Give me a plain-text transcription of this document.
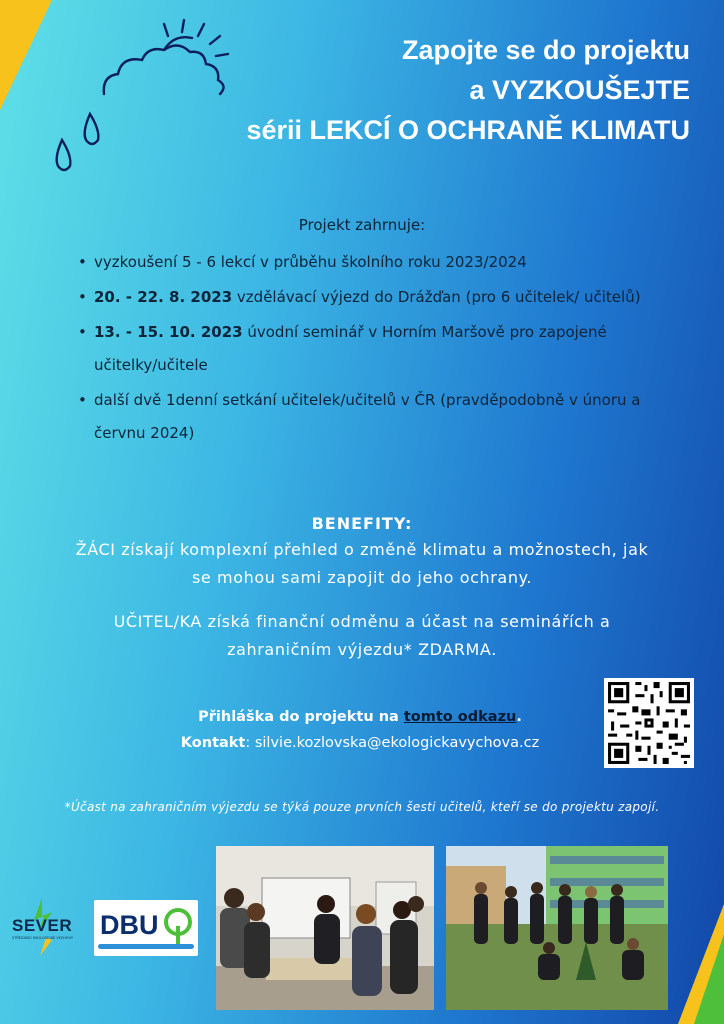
Zapojte se do projektu
a VYZKOUŠEJTE
sérii LEKCÍ O OCHRANĚ KLIMATU
Projekt zahrnuje:
• vyzkoušení 5 - 6 lekcí v průběhu školního roku 2023/2024
• 20. - 22. 8. 2023 vzdělávací výjezd do Drážďan (pro 6 učitelek/ učitelů)
• 13. - 15. 10. 2023 úvodní seminář v Horním Maršově pro zapojené učitelky/učitele
• další dvě 1denní setkání učitelek/učitelů v ČR (pravděpodobně v únoru a červnu 2024)
BENEFITY:
ŽÁCI získají komplexní přehled o změně klimatu a možnostech, jak se mohou sami zapojit do jeho ochrany.
UČITEL/KA získá finanční odměnu a účast na seminářích a zahraničním výjezdu* ZDARMA.
Přihláška do projektu na tomto odkazu.
Kontakt: silvie.kozlovska@ekologickavychova.cz
*Účast na zahraničním výjezdu se týká pouze prvních šesti učitelů, kteří se do projektu zapojí.
SEVER
STŘEDISKO EKOLOGICKÉ VÝCHOVY DBU
